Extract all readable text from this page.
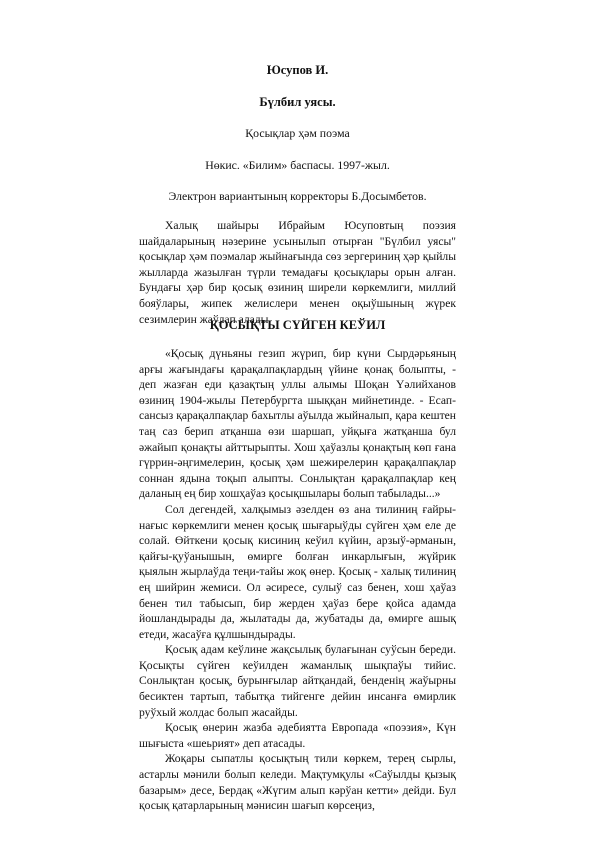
Юсупов И.
Бүлбил уясы.
Қосықлар ҳәм поэма
Нөкис. «Билим» баспасы. 1997-жыл.
Электрон вариантының корректоры Б.Досымбетов.

Халық шайыры Ибрайым Юсуповтың поэзия шайдаларының нәзерине усынылып отырған "Бүлбил уясы" қосықлар ҳәм поэмалар жыйнағында сөз зергериниң ҳәр қыйлы жылларда жазылған түрли темадағы қосықлары орын алған. Бундағы ҳәр бир қосық өзиниң ширели көркемлиги, миллий бояўлары, жипек желислери менен оқыўшының жүрек сезимлерин жаўлап алады.

ҚОСЫҚТЫ СҮЙГЕН КЕЎИЛ

«Қосық дүньяны гезип жүрип, бир күни Сырдәрьяның арғы жағындағы қарақалпақлардың үйине қонақ болыпты, - деп жазған еди қазақтың уллы алымы Шоқан Үәлийханов өзиниң 1904-жылы Петербургта шыққан мийнетинде. - Есап-сансыз қарақалпақлар бахытлы аўылда жыйналып, қара кештен таң саз берип атқанша өзи шаршап, уйқыға жатқанша бул әжайып қонақты айттырыпты. Хош ҳаўазлы қонақтың көп ғана гүррин-әңгимелерин, қосық ҳәм шежирелерин қарақалпақлар соннан ядына тоқып алыпты. Сонлықтан қарақалпақлар кең даланың ең бир хошҳаўаз қосықшылары болып табылады...»

Сол дегендей, халқымыз әзелден өз ана тилиниң ғайры-нағыс көркемлиги менен қосық шығарыўды сүйген ҳәм еле де солай. Өйткени қосық кисиниң кеўил күйин, арзыў-әрманын, қайғы-қуўанышын, өмирге болған инкарлығын, жүйрик қыялын жырлаўда теңи-тайы жоқ өнер. Қосық - халық тилиниң ең шийрин жемиси. Ол әсиресе, сулыў саз бенен, хош ҳаўаз бенен тил табысып, бир жерден ҳаўаз бере қойса адамда йошландырады да, жылатады да, жубатады да, өмирге ашық етеди, жасаўға құлшындырады.

Қосық адам кеўлине жақсылық булағынан суўсын береди. Қосықты сүйген кеўилден жаманлық шықпаўы тийис. Сонлықтан қосық, бурынғылар айтқандай, бенденің жаўырны бесиктен тартып, табытқа тийгенге дейин инсанға өмирлик руўхый жолдас болып жасайды.

Қосық өнерин жазба әдебиятта Европада «поэзия», Күн шығыста «шеьрият» деп атасады.

Жоқары сыпатлы қосықтың тили көркем, терең сырлы, астарлы мәнили болып келеди. Мақтумқулы «Саўылды қызық базарым» десе, Бердақ «Жүгим алып кәрўан кетти» дейди. Бул қосық қатарларының мәнисин шағып көрсеңиз,
